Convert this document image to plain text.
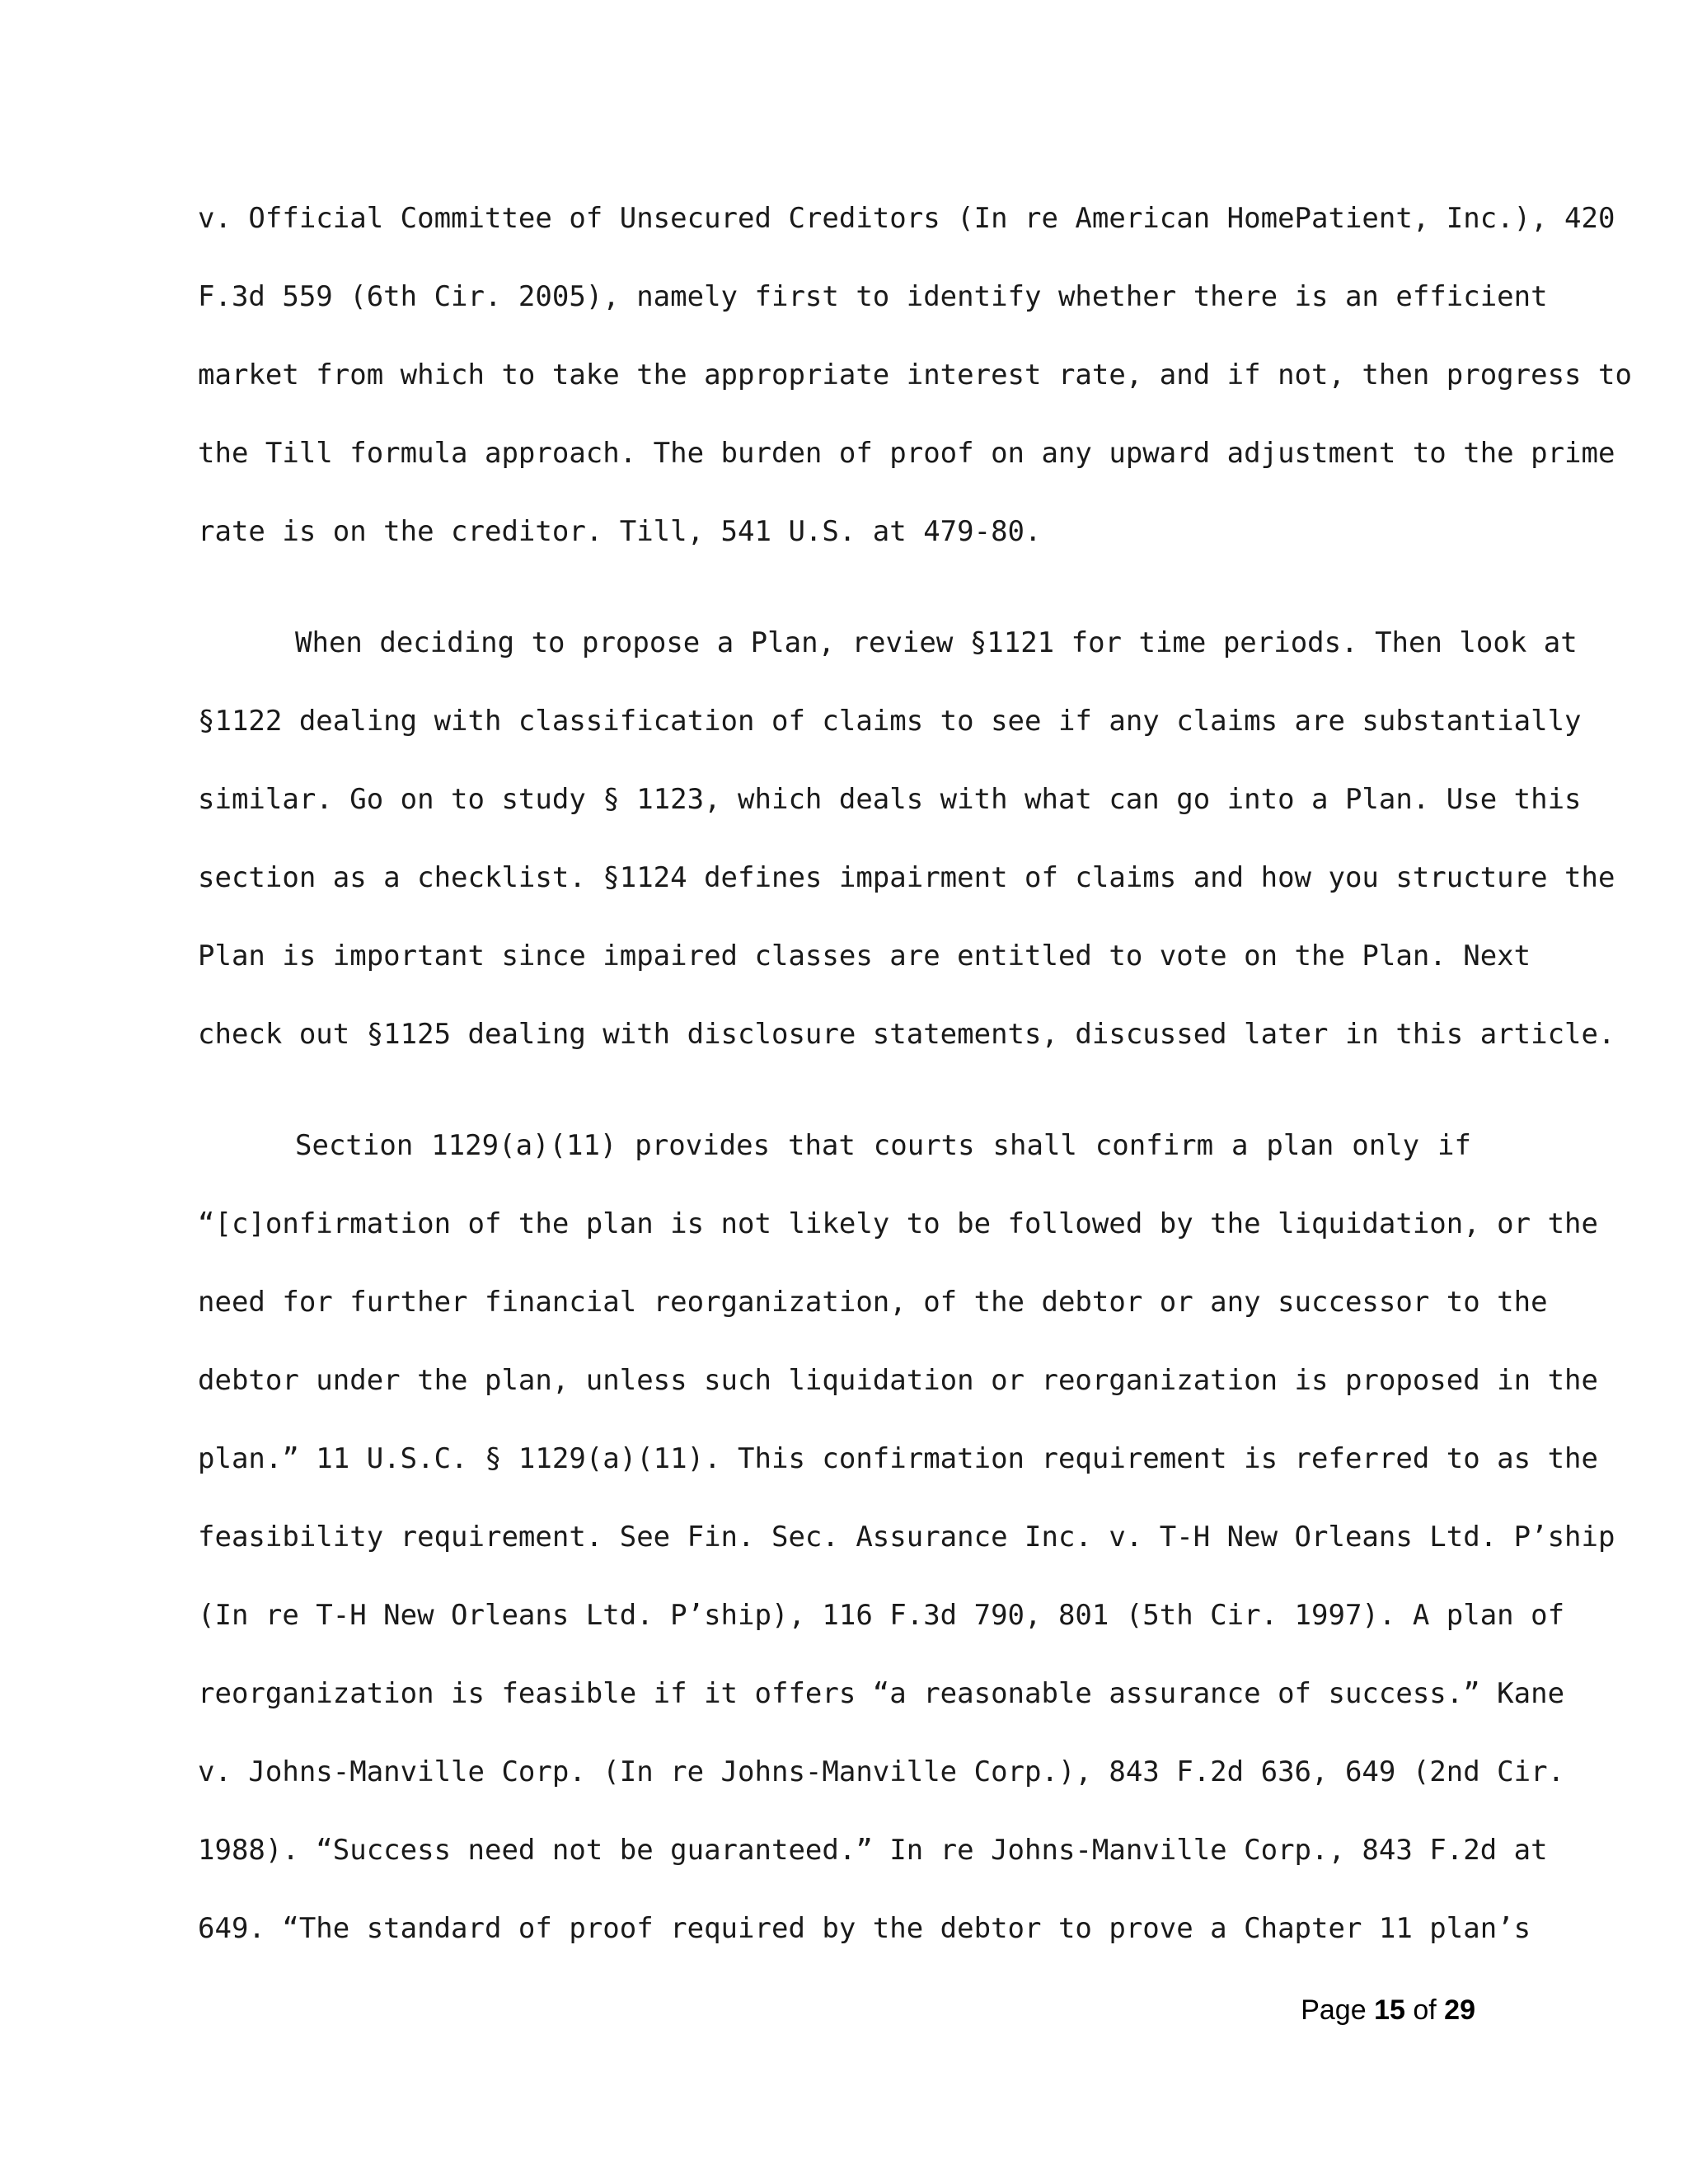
v. Official Committee of Unsecured Creditors (In re American HomePatient, Inc.), 420
F.3d 559 (6th Cir. 2005), namely first to identify whether there is an efficient
market from which to take the appropriate interest rate, and if not, then progress to
the Till formula approach. The burden of proof on any upward adjustment to the prime
rate is on the creditor. Till, 541 U.S. at 479-80.
When deciding to propose a Plan, review §1121 for time periods. Then look at
§1122 dealing with classification of claims to see if any claims are substantially
similar. Go on to study § 1123, which deals with what can go into a Plan. Use this
section as a checklist. §1124 defines impairment of claims and how you structure the
Plan is important since impaired classes are entitled to vote on the Plan. Next
check out §1125 dealing with disclosure statements, discussed later in this article.
Section 1129(a)(11) provides that courts shall confirm a plan only if
“[c]onfirmation of the plan is not likely to be followed by the liquidation, or the
need for further financial reorganization, of the debtor or any successor to the
debtor under the plan, unless such liquidation or reorganization is proposed in the
plan.” 11 U.S.C. § 1129(a)(11). This confirmation requirement is referred to as the
feasibility requirement. See Fin. Sec. Assurance Inc. v. T-H New Orleans Ltd. P’ship
(In re T-H New Orleans Ltd. P’ship), 116 F.3d 790, 801 (5th Cir. 1997). A plan of
reorganization is feasible if it offers “a reasonable assurance of success.” Kane
v. Johns-Manville Corp. (In re Johns-Manville Corp.), 843 F.2d 636, 649 (2nd Cir.
1988). “Success need not be guaranteed.” In re Johns-Manville Corp., 843 F.2d at
649. “The standard of proof required by the debtor to prove a Chapter 11 plan’s
Page 15 of 29
